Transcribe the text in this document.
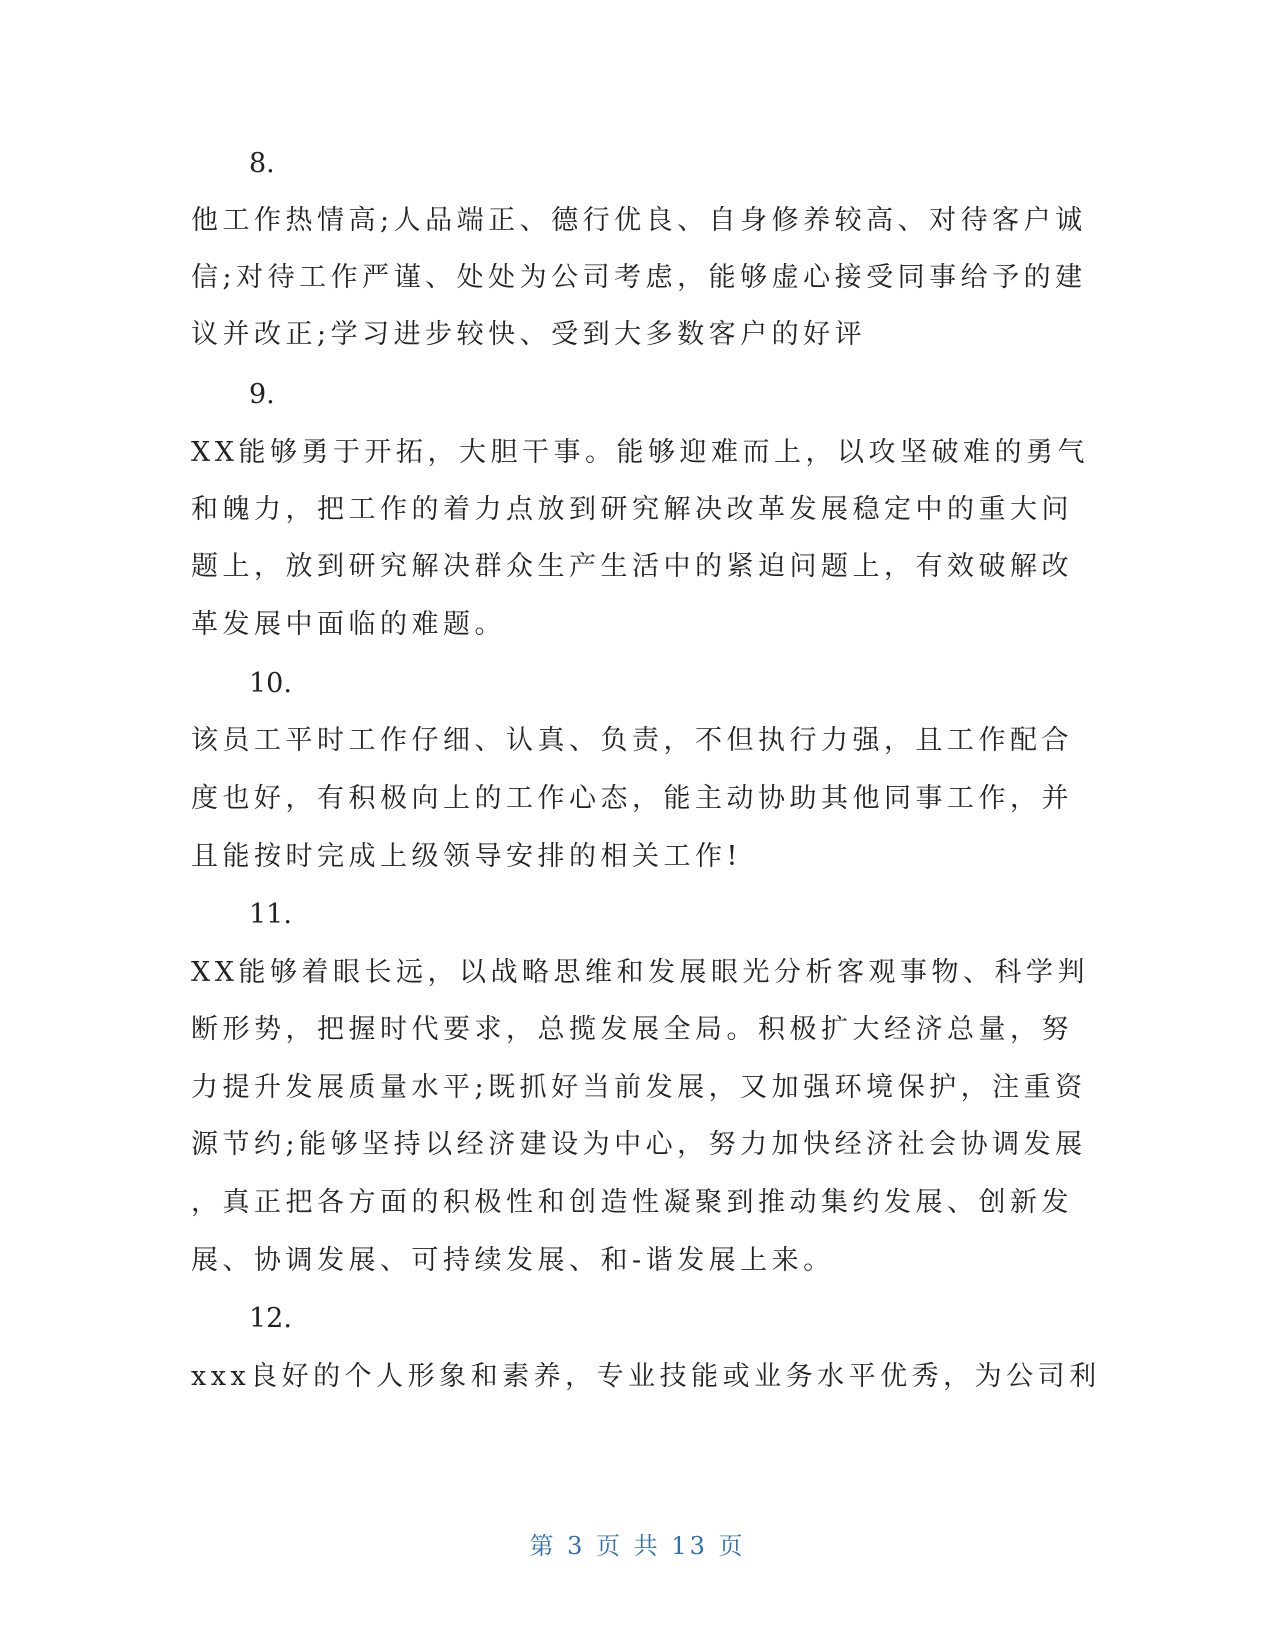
8.
他工作热情高;人品端正、德行优良、自身修养较高、对待客户诚
信;对待工作严谨、处处为公司考虑，能够虚心接受同事给予的建
议并改正;学习进步较快、受到大多数客户的好评
9.
XX能够勇于开拓，大胆干事。能够迎难而上，以攻坚破难的勇气
和魄力，把工作的着力点放到研究解决改革发展稳定中的重大问
题上，放到研究解决群众生产生活中的紧迫问题上，有效破解改
革发展中面临的难题。
10.
该员工平时工作仔细、认真、负责，不但执行力强，且工作配合
度也好，有积极向上的工作心态，能主动协助其他同事工作，并
且能按时完成上级领导安排的相关工作!
11.
XX能够着眼长远，以战略思维和发展眼光分析客观事物、科学判
断形势，把握时代要求，总揽发展全局。积极扩大经济总量，努
力提升发展质量水平;既抓好当前发展，又加强环境保护，注重资
源节约;能够坚持以经济建设为中心，努力加快经济社会协调发展
，真正把各方面的积极性和创造性凝聚到推动集约发展、创新发
展、协调发展、可持续发展、和-谐发展上来。
12.
xxx良好的个人形象和素养，专业技能或业务水平优秀，为公司利
第 3 页 共 13 页
